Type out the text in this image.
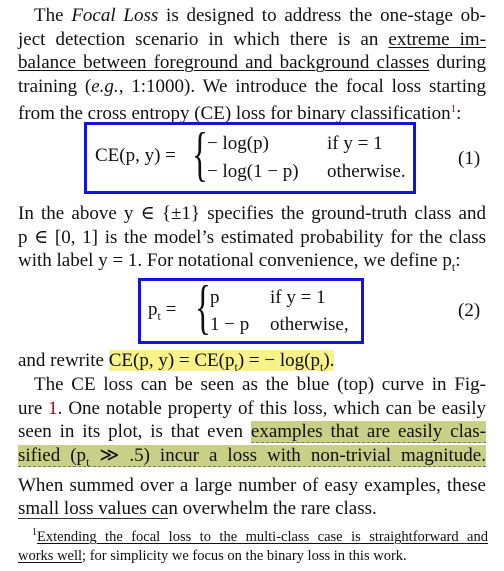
The Focal Loss is designed to address the one-stage ob-
ject detection scenario in which there is an extreme im-
balance between foreground and background classes during
training (e.g., 1:1000). We introduce the focal loss starting
from the cross entropy (CE) loss for binary classification$^1$:
CE(p, y) = { − log(p)	if y = 1
− log(1 − p) otherwise.
(1)
In the above y ∈ {±1} specifies the ground-truth class and
p ∈ [0, 1] is the model’s estimated probability for the class
with label y = 1. For notational convenience, we define $p_t$:
$p_t$ = { p	if y = 1
1 − p otherwise,
(2)
and rewrite CE(p, $y) = CE(p_t)$ = − $\log(p_t)$.
The CE loss can be seen as the blue (top) curve in Fig-
ure 1. One notable property of this loss, which can be easily
seen in its plot, is that even examples that are easily clas-
sified ($p_t$ ≫ .5) incur a loss with non-trivial magnitude.
When summed over a large number of easy examples, these
small loss values can overwhelm the rare class.
$^1$Extending the focal loss to the multi-class case is straightforward and
works well; for simplicity we focus on the binary loss in this work.
